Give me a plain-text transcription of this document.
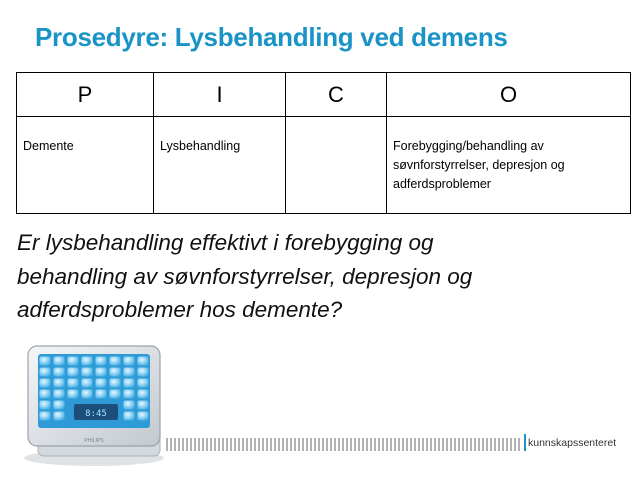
Prosedyre: Lysbehandling ved demens
P	I	C	O
Demente	Lysbehandling		Forebygging/behandling av søvnforstyrrelser, depresjon og adferdsproblemer
Er lysbehandling effektivt i forebygging og
behandling av søvnforstyrrelser, depresjon og
adferdsproblemer hos demente?
8:45
PHILIPS	kunnskapssenteret
